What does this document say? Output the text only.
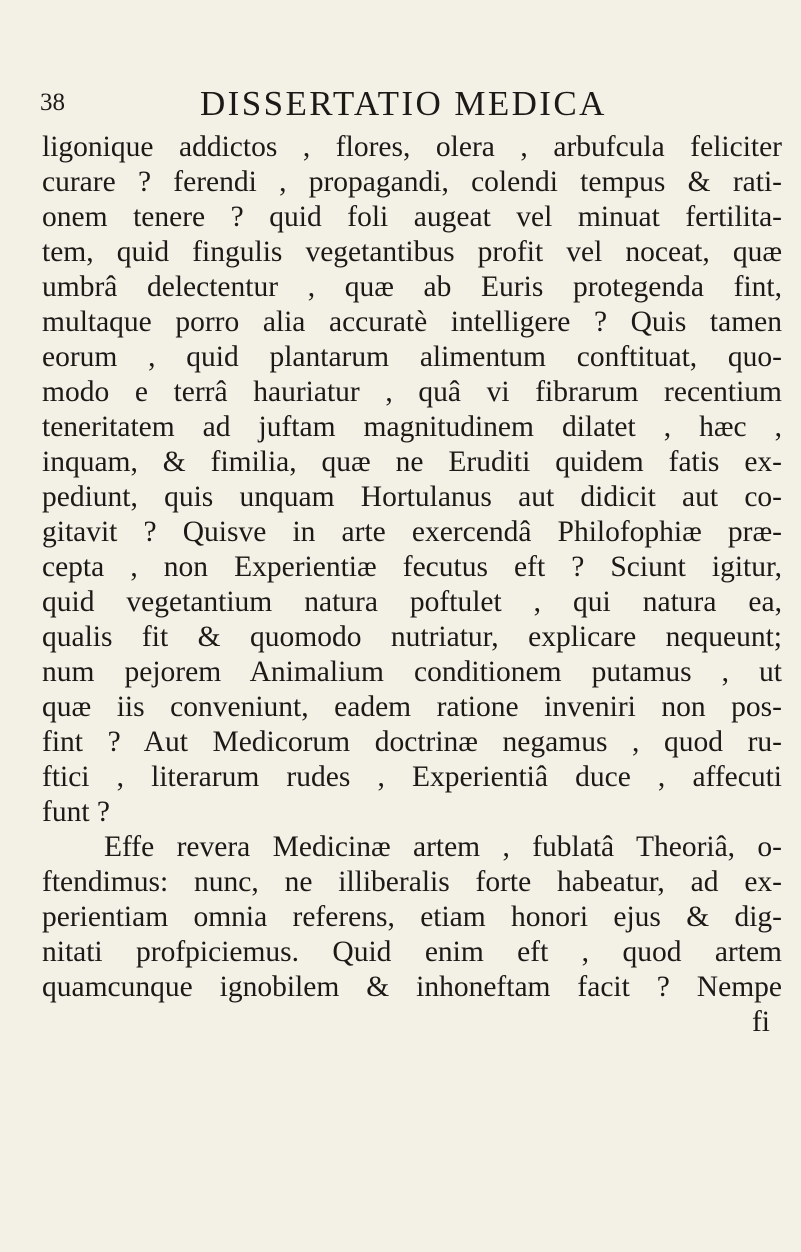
38	DISSERTATIO MEDICA
ligonique addictos , flores, olera , arbufcula feliciter
curare ? ferendi , propagandi, colendi tempus & rati-
onem tenere ? quid foli augeat vel minuat fertilita-
tem, quid fingulis vegetantibus profit vel noceat, quæ
umbrâ delectentur , quæ ab Euris protegenda fint,
multaque porro alia accuratè intelligere ? Quis tamen
eorum , quid plantarum alimentum conftituat, quo-
modo e terrâ hauriatur , quâ vi fibrarum recentium
teneritatem ad juftam magnitudinem dilatet , hæc ,
inquam, & fimilia, quæ ne Eruditi quidem fatis ex-
pediunt, quis unquam Hortulanus aut didicit aut co-
gitavit ? Quisve in arte exercendâ Philofophiæ præ-
cepta , non Experientiæ fecutus eft ? Sciunt igitur,
quid vegetantium natura poftulet , qui natura ea,
qualis fit & quomodo nutriatur, explicare nequeunt;
num pejorem Animalium conditionem putamus , ut
quæ iis conveniunt, eadem ratione inveniri non pos-
fint ? Aut Medicorum doctrinæ negamus , quod ru-
ftici , literarum rudes , Experientiâ duce , affecuti
funt ?
Effe revera Medicinæ artem , fublatâ Theoriâ, o-
ftendimus: nunc, ne illiberalis forte habeatur, ad ex-
perientiam omnia referens, etiam honori ejus & dig-
nitati profpiciemus. Quid enim eft , quod artem
quamcunque ignobilem & inhoneftam facit ? Nempe
fi
